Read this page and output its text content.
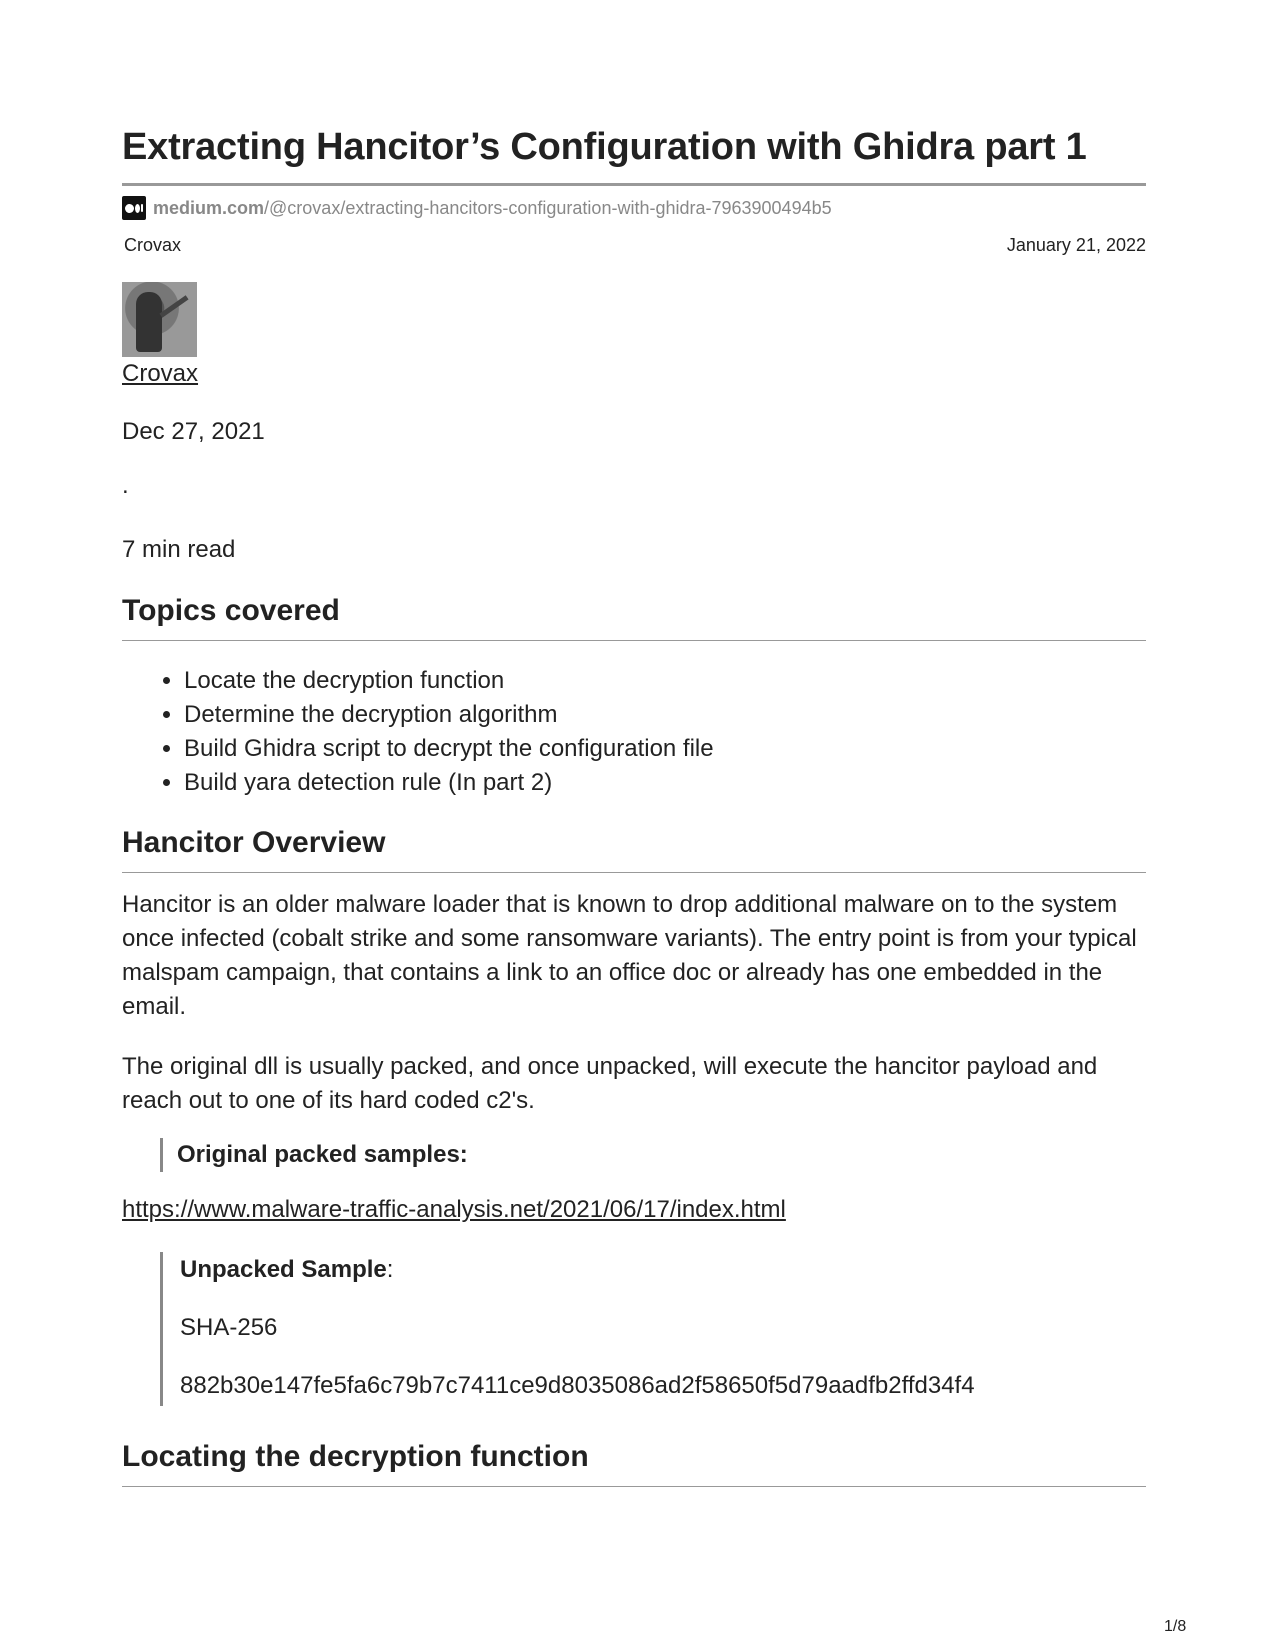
Extracting Hancitor’s Configuration with Ghidra part 1
medium.com /@crovax/extracting-hancitors-configuration-with-ghidra-7963900494b5
Crovax	January 21, 2022
Crovax
Dec 27, 2021
.
7 min read
Topics covered
• Locate the decryption function
• Determine the decryption algorithm
• Build Ghidra script to decrypt the configuration file
• Build yara detection rule (In part 2)
Hancitor Overview

Hancitor is an older malware loader that is known to drop additional malware on to the system once infected (cobalt strike and some ransomware variants). The entry point is from your typical malspam campaign, that contains a link to an office doc or already has one embedded in the email.

The original dll is usually packed, and once unpacked, will execute the hancitor payload and reach out to one of its hard coded c2's.

Original packed samples:
https://www.malware-traffic-analysis.net/2021/06/17/index.html
Unpacked Sample:
SHA-256
882b30e147fe5fa6c79b7c7411ce9d8035086ad2f58650f5d79aadfb2ffd34f4
Locating the decryption function
1/8
